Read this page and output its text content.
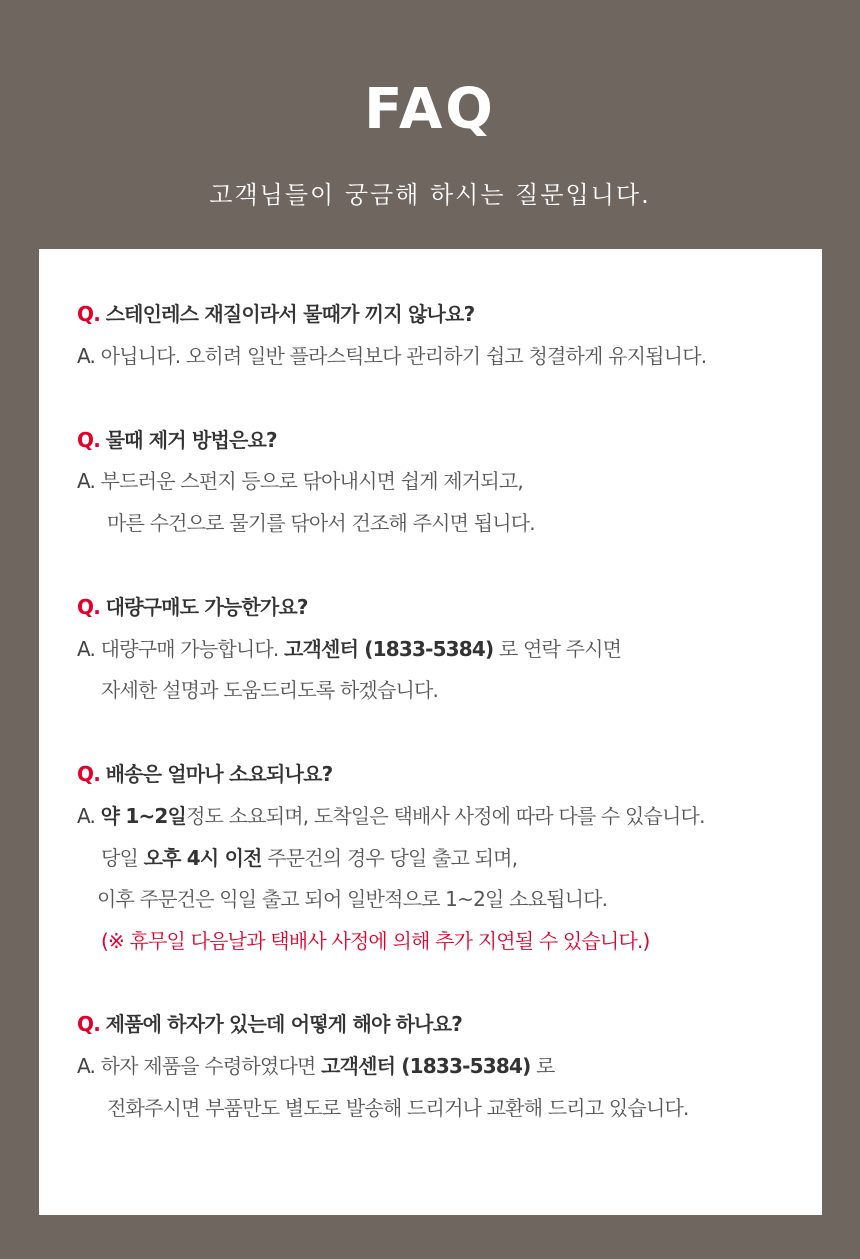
FAQ
고객님들이 궁금해 하시는 질문입니다.
Q. 스테인레스 재질이라서 물때가 끼지 않나요?
A. 아닙니다. 오히려 일반 플라스틱보다 관리하기 쉽고 청결하게 유지됩니다.
Q. 물때 제거 방법은요?
A. 부드러운 스펀지 등으로 닦아내시면 쉽게 제거되고,
마른 수건으로 물기를 닦아서 건조해 주시면 됩니다.
Q. 대량구매도 가능한가요?
A. 대량구매 가능합니다. 고객센터 (1833-5384) 로 연락 주시면
자세한 설명과 도움드리도록 하겠습니다.
Q. 배송은 얼마나 소요되나요?
A. 약 1~2일정도 소요되며, 도착일은 택배사 사정에 따라 다를 수 있습니다.
당일 오후 4시 이전 주문건의 경우 당일 출고 되며,
이후 주문건은 익일 출고 되어 일반적으로 1~2일 소요됩니다.
(※ 휴무일 다음날과 택배사 사정에 의해 추가 지연될 수 있습니다.)
Q. 제품에 하자가 있는데 어떻게 해야 하나요?
A. 하자 제품을 수령하였다면 고객센터 (1833-5384) 로
전화주시면 부품만도 별도로 발송해 드리거나 교환해 드리고 있습니다.
